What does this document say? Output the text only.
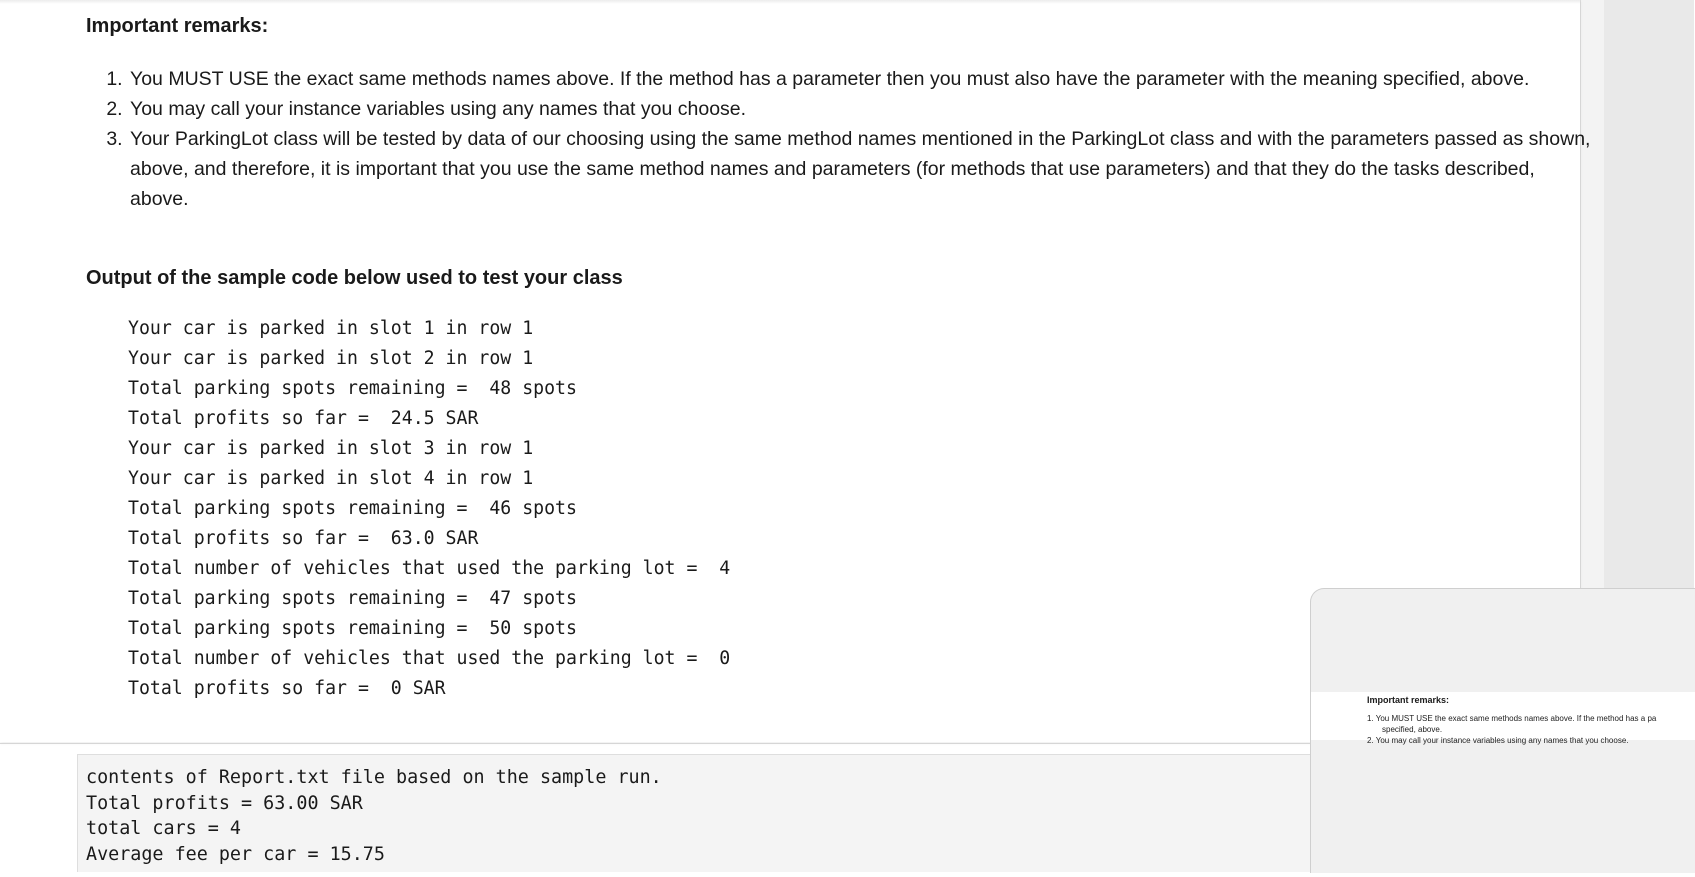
Important remarks:
1. You MUST USE the exact same methods names above. If the method has a parameter then you must also have the parameter with the meaning specified, above.
2. You may call your instance variables using any names that you choose.
3. Your ParkingLot class will be tested by data of our choosing using the same method names mentioned in the ParkingLot class and with the parameters passed as shown, above, and therefore, it is important that you use the same method names and parameters (for methods that use parameters) and that they do the tasks described, above.
Output of the sample code below used to test your class
Your car is parked in slot 1 in row 1
Your car is parked in slot 2 in row 1
Total parking spots remaining =  48 spots
Total profits so far =  24.5 SAR
Your car is parked in slot 3 in row 1
Your car is parked in slot 4 in row 1
Total parking spots remaining =  46 spots
Total profits so far =  63.0 SAR
Total number of vehicles that used the parking lot =  4
Total parking spots remaining =  47 spots
Total parking spots remaining =  50 spots
Total number of vehicles that used the parking lot =  0
Total profits so far =  0 SAR
contents of Report.txt file based on the sample run.
Total profits = 63.00 SAR
total cars = 4
Average fee per car = 15.75
Important remarks:
1. You MUST USE the exact same methods names above. If the method has a pa
specified, above.
2. You may call your instance variables using any names that you choose.
